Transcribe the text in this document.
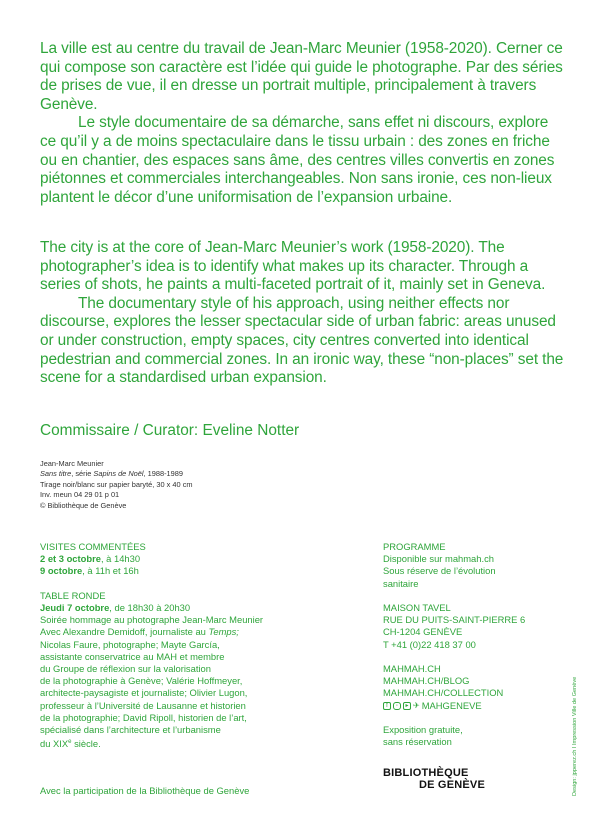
La ville est au centre du travail de Jean-Marc Meunier (1958-2020). Cerner ce qui compose son caractère est l’idée qui guide le photographe. Par des séries de prises de vue, il en dresse un portrait multiple, principalement à travers Genève.

Le style documentaire de sa démarche, sans effet ni discours, explore ce qu’il y a de moins spectaculaire dans le tissu urbain : des zones en friche ou en chantier, des espaces sans âme, des centres villes convertis en zones piétonnes et commerciales interchangeables. Non sans ironie, ces non-lieux plantent le décor d’une uniformisation de l’expansion urbaine.

The city is at the core of Jean-Marc Meunier’s work (1958-2020). The photographer’s idea is to identify what makes up its character. Through a series of shots, he paints a multi-faceted portrait of it, mainly set in Geneva.

The documentary style of his approach, using neither effects nor discourse, explores the lesser spectacular side of urban fabric: areas unused or under construction, empty spaces, city centres converted into identical pedestrian and commercial zones. In an ironic way, these “non-places” set the scene for a standardised urban expansion.

Commissaire / Curator: Eveline Notter

Jean-Marc Meunier
Sans titre, série Sapins de Noël, 1988-1989
Tirage noir/blanc sur papier baryté, 30 x 40 cm
Inv. meun 04 29 01 p 01
© Bibliothèque de Genève
VISITES COMMENTÉES
2 et 3 octobre, à 14h30
9 octobre, à 11h et 16h
TABLE RONDE
Jeudi 7 octobre, de 18h30 à 20h30
Soirée hommage au photographe Jean-Marc Meunier
Avec Alexandre Demidoff, journaliste au Temps;
Nicolas Faure, photographe; Mayte García,
assistante conservatrice au MAH et membre
du Groupe de réflexion sur la valorisation
de la photographie à Genève; Valérie Hoffmeyer,
architecte-paysagiste et journaliste; Olivier Lugon,
professeur à l’Université de Lausanne et historien
de la photographie; David Ripoll, historien de l’art,
spécialisé dans l’architecture et l’urbanisme
du XIXe siècle.
PROGRAMME
Disponible sur mahmah.ch
Sous réserve de l’évolution
sanitaire
MAISON TAVEL
RUE DU PUITS-SAINT-PIERRE 6
CH-1204 GENÈVE
T +41 (0)22 418 37 00
MAHMAH.CH
MAHMAH.CH/BLOG
MAHMAH.CH/COLLECTION
f	◦	▸ ✈ MAHGENEVE
Exposition gratuite,
sans réservation
BIBLIOTHÈQUE
DE GENÈVE
Avec la participation de la Bibliothèque de Genève	Design: jpperez.ch I Impression Ville de Genève
